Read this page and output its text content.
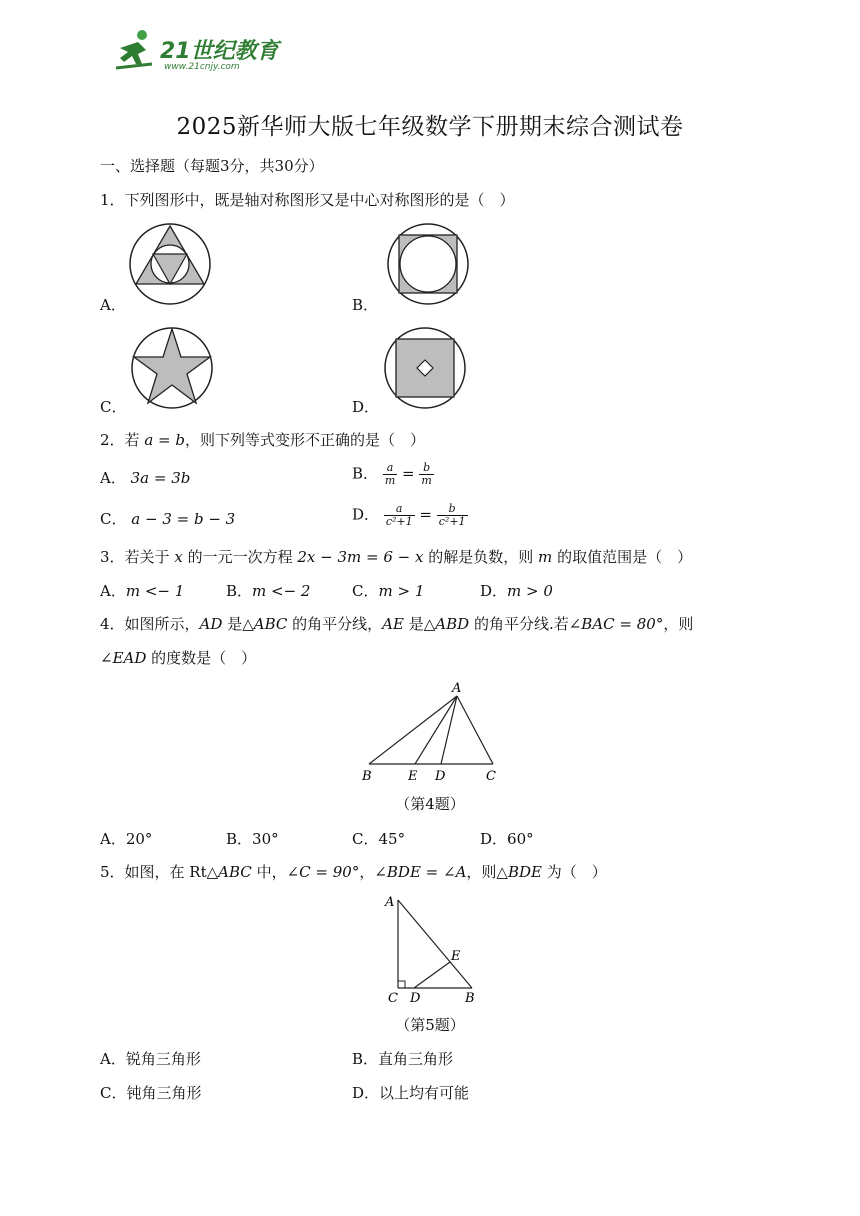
21世纪教育
www.21cnjy.com
2025新华师大版七年级数学下册期末综合测试卷
一、选择题（每题3分，共30分）
1．下列图形中，既是轴对称图形又是中心对称图形的是（　）
A．	B．
C．	D．
2．若 a = b，则下列等式变形不正确的是（　）
A． 3a = 3b	B． $\frac{a}{m} = \frac{b}{m}$
C． a − 3 = b − 3	D． $\frac{a}{\text{c²+1}} = \frac{b}{\text{c²+1}}$
3．若关于 x 的一元一次方程 2x − 3m = 6 − x 的解是负数，则 m 的取值范围是（　）
A．m <− 1	B．m <− 2	C．m > 1	D．m > 0
4．如图所示，AD 是△ABC 的角平分线，AE 是△ABD 的角平分线.若∠BAC = 80°，则
∠EAD 的度数是（　）
A
B	E D	C
（第4题）
A．20°	B．30°	C．45°	D．60°
5．如图，在 Rt△ABC 中，∠C = 90°，∠BDE = ∠A，则△BDE 为（　）
A
E
C D	B
（第5题）
A．锐角三角形	B．直角三角形
C．钝角三角形	D．以上均有可能
